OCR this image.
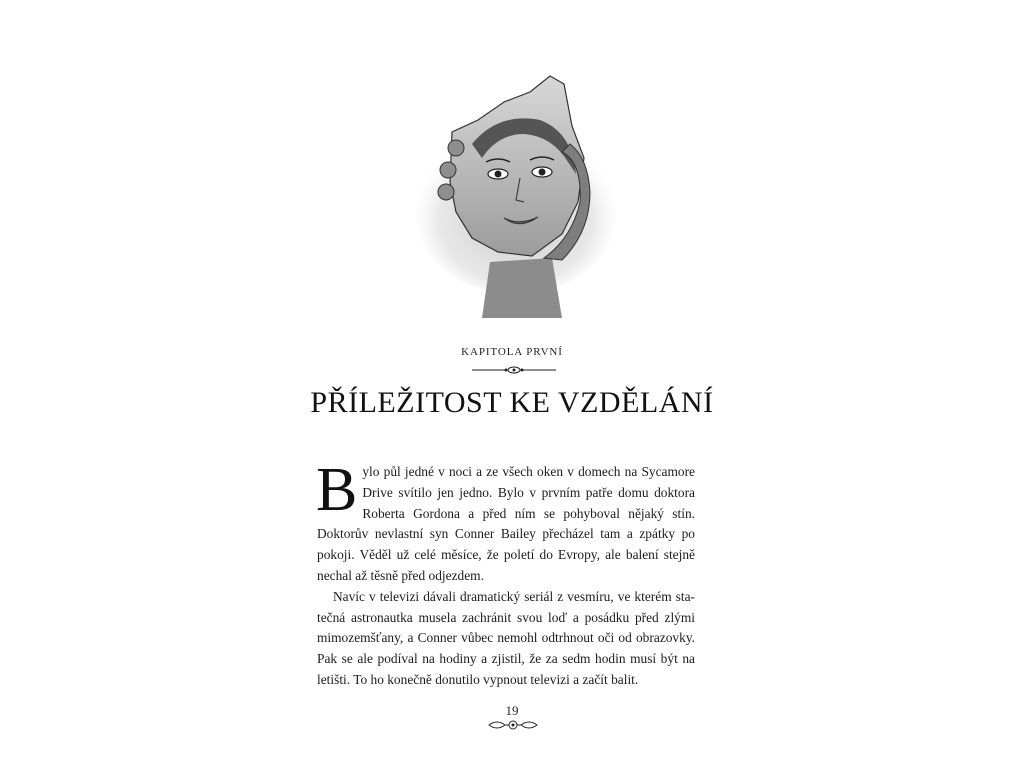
KAPITOLA PRVNÍ
PŘÍLEŽITOST KE VZDĚLÁNÍ

Bylo půl jedné v noci a ze všech oken v domech na Sycamore Drive svítilo jen jedno. Bylo v prvním patře domu doktora Roberta Gordona a před ním se pohyboval nějaký stín. Doktorův nevlastní syn Conner Bailey přecházel tam a zpátky po pokoji. Věděl už celé měsíce, že poletí do Evropy, ale balení stejně nechal až těsně před odjezdem.

Navíc v televizi dávali dramatický seriál z vesmíru, ve kterém statečná astronautka musela zachránit svou loď a posádku před zlými mimozemšťany, a Conner vůbec nemohl odtrhnout oči od obrazovky. Pak se ale podíval na hodiny a zjistil, že za sedm hodin musí být na letišti. To ho konečně donutilo vypnout televizi a začít balit.

19
